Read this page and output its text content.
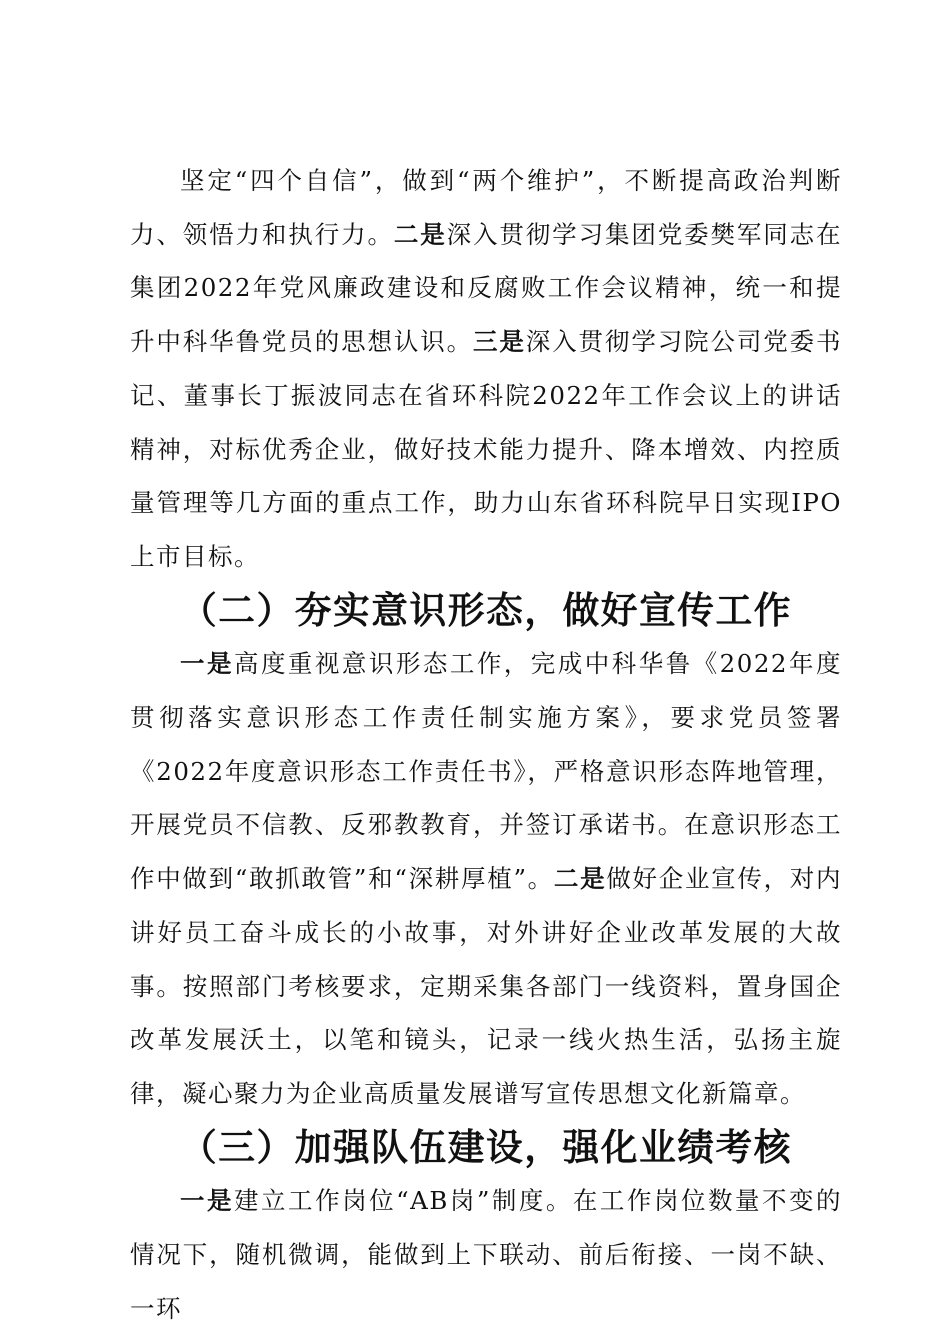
坚定“四个自信”，做到“两个维护”，不断提高政治判断力、领悟力和执行力。二是深入贯彻学习集团党委樊军同志在集团2022年党风廉政建设和反腐败工作会议精神，统一和提升中科华鲁党员的思想认识。三是深入贯彻学习院公司党委书记、董事长丁振波同志在省环科院2022年工作会议上的讲话精神，对标优秀企业，做好技术能力提升、降本增效、内控质量管理等几方面的重点工作，助力山东省环科院早日实现IPO上市目标。

（二）夯实意识形态，做好宣传工作

一是高度重视意识形态工作，完成中科华鲁《2022年度贯彻落实意识形态工作责任制实施方案》，要求党员签署《2022年度意识形态工作责任书》，严格意识形态阵地管理，开展党员不信教、反邪教教育，并签订承诺书。在意识形态工作中做到“敢抓敢管”和“深耕厚植”。二是做好企业宣传，对内讲好员工奋斗成长的小故事，对外讲好企业改革发展的大故事。按照部门考核要求，定期采集各部门一线资料，置身国企改革发展沃土，以笔和镜头，记录一线火热生活，弘扬主旋律，凝心聚力为企业高质量发展谱写宣传思想文化新篇章。

（三）加强队伍建设，强化业绩考核

一是建立工作岗位“AB岗”制度。在工作岗位数量不变的情况下，随机微调，能做到上下联动、前后衔接、一岗不缺、一环
